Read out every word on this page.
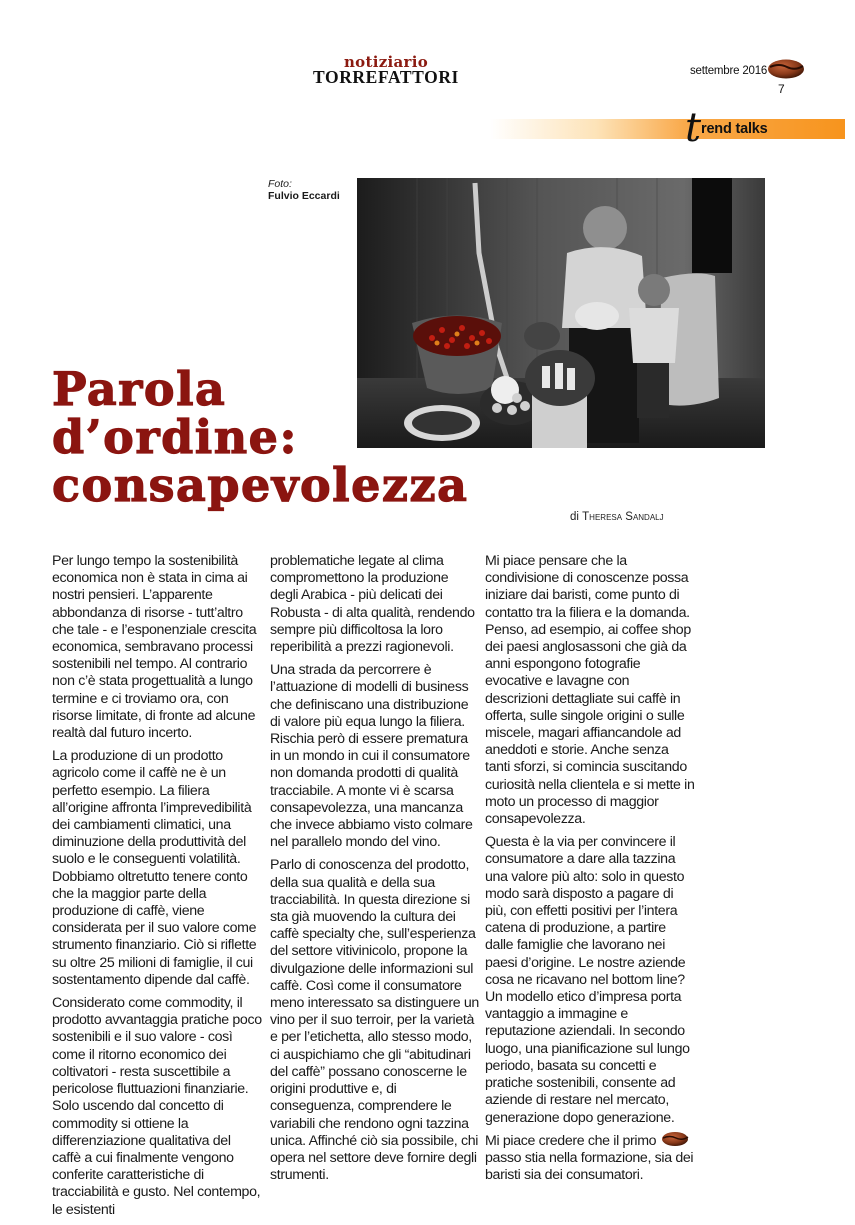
notiziario
TORREFATTORI	settembre 2016
7
t rend talks
Foto:
Fulvio Eccardi
Parola
d’ordine:
consapevolezza
di Theresa Sandalj

Per lungo tempo la sostenibilità economica non è stata in cima ai nostri pensieri. L’apparente abbondanza di risorse - tutt’altro che tale - e l’esponenziale crescita economica, sembravano processi sostenibili nel tempo. Al contrario non c’è stata progettualità a lungo termine e ci troviamo ora, con risorse limitate, di fronte ad alcune realtà dal futuro incerto.

La produzione di un prodotto agricolo come il caffè ne è un perfetto esempio. La filiera all’origine affronta l’imprevedibilità dei cambiamenti climatici, una diminuzione della produttività del suolo e le conseguenti volatilità. Dobbiamo oltretutto tenere conto che la maggior parte della produzione di caffè, viene considerata per il suo valore come strumento finanziario. Ciò si riflette su oltre 25 milioni di famiglie, il cui sostentamento dipende dal caffè.

Considerato come commodity, il prodotto avvantaggia pratiche poco sostenibili e il suo valore - così come il ritorno economico dei coltivatori - resta suscettibile a pericolose fluttuazioni finanziarie. Solo uscendo dal concetto di commodity si ottiene la differenziazione qualitativa del caffè a cui finalmente vengono conferite caratteristiche di tracciabilità e gusto. Nel contempo, le esistenti

problematiche legate al clima compromettono la produzione degli Arabica - più delicati dei Robusta - di alta qualità, rendendo sempre più difficoltosa la loro reperibilità a prezzi ragionevoli.

Una strada da percorrere è l’attuazione di modelli di business che definiscano una distribuzione di valore più equa lungo la filiera. Rischia però di essere prematura in un mondo in cui il consumatore non domanda prodotti di qualità tracciabile. A monte vi è scarsa consapevolezza, una mancanza che invece abbiamo visto colmare nel parallelo mondo del vino.

Parlo di conoscenza del prodotto, della sua qualità e della sua tracciabilità. In questa direzione si sta già muovendo la cultura dei caffè specialty che, sull’esperienza del settore vitivinicolo, propone la divulgazione delle informazioni sul caffè. Così come il consumatore meno interessato sa distinguere un vino per il suo terroir, per la varietà e per l’etichetta, allo stesso modo, ci auspichiamo che gli “abitudinari del caffè” possano conoscerne le origini produttive e, di conseguenza, comprendere le variabili che rendono ogni tazzina unica. Affinché ciò sia possibile, chi opera nel settore deve fornire degli strumenti.

Mi piace pensare che la condivisione di conoscenze possa iniziare dai baristi, come punto di contatto tra la filiera e la domanda. Penso, ad esempio, ai coffee shop dei paesi anglosassoni che già da anni espongono fotografie evocative e lavagne con descrizioni dettagliate sui caffè in offerta, sulle singole origini o sulle miscele, magari affiancandole ad aneddoti e storie. Anche senza tanti sforzi, si comincia suscitando curiosità nella clientela e si mette in moto un processo di maggior consapevolezza.

Questa è la via per convincere il consumatore a dare alla tazzina una valore più alto: solo in questo modo sarà disposto a pagare di più, con effetti positivi per l’intera catena di produzione, a partire dalle famiglie che lavorano nei paesi d’origine. Le nostre aziende cosa ne ricavano nel bottom line? Un modello etico d’impresa porta vantaggio a immagine e reputazione aziendali. In secondo luogo, una pianificazione sul lungo periodo, basata su concetti e pratiche sostenibili, consente ad aziende di restare nel mercato, generazione dopo generazione.

Mi piace credere che il primo passo stia nella formazione, sia dei baristi sia dei consumatori.
